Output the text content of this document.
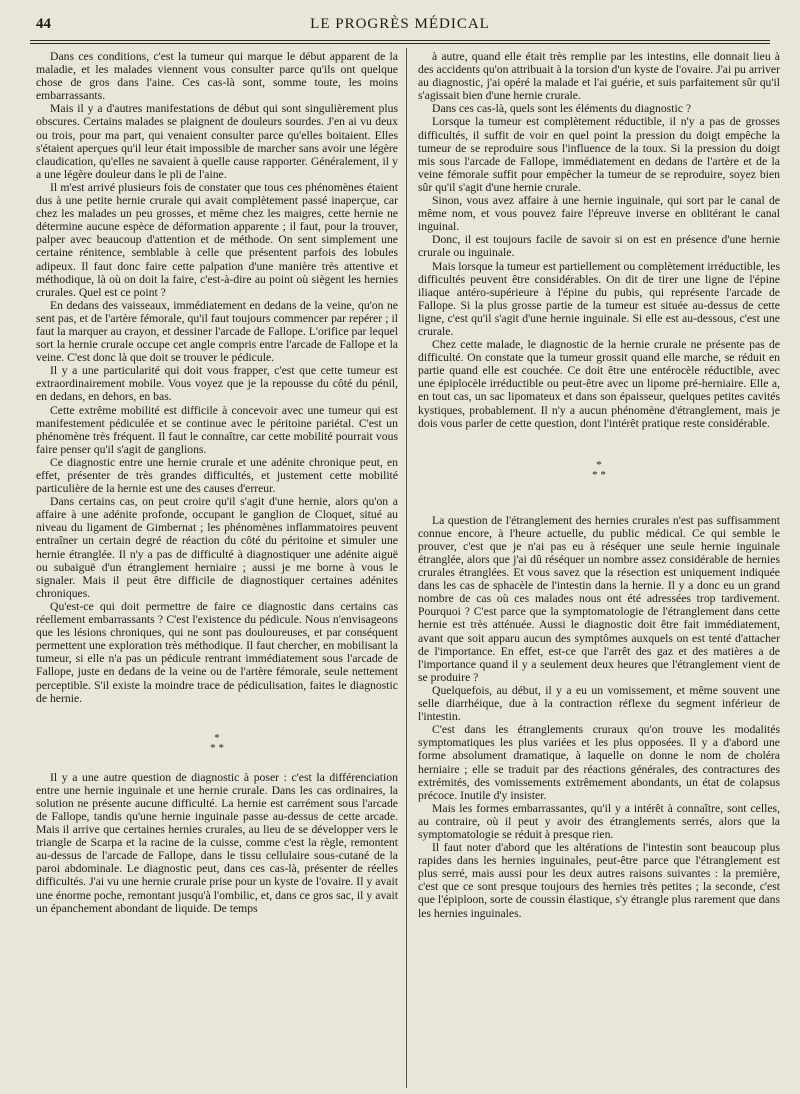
44	LE PROGRÈS MÉDICAL

Dans ces conditions, c'est la tumeur qui marque le début apparent de la maladie, et les malades viennent vous consulter parce qu'ils ont quelque chose de gros dans l'aine. Ces cas-là sont, somme toute, les moins embarrassants.

Mais il y a d'autres manifestations de début qui sont singulièrement plus obscures. Certains malades se plaignent de douleurs sourdes. J'en ai vu deux ou trois, pour ma part, qui venaient consulter parce qu'elles boitaient. Elles s'étaient aperçues qu'il leur était impossible de marcher sans avoir une légère claudication, qu'elles ne savaient à quelle cause rapporter. Généralement, il y a une légère douleur dans le pli de l'aine.

Il m'est arrivé plusieurs fois de constater que tous ces phénomènes étaient dus à une petite hernie crurale qui avait complètement passé inaperçue, car chez les malades un peu grosses, et même chez les maigres, cette hernie ne détermine aucune espèce de déformation apparente ; il faut, pour la trouver, palper avec beaucoup d'attention et de méthode. On sent simplement une certaine rénitence, semblable à celle que présentent parfois des lobules adipeux. Il faut donc faire cette palpation d'une manière très attentive et méthodique, là où on doit la faire, c'est-à-dire au point où siègent les hernies crurales. Quel est ce point ?

En dedans des vaisseaux, immédiatement en dedans de la veine, qu'on ne sent pas, et de l'artère fémorale, qu'il faut toujours commencer par repérer ; il faut la marquer au crayon, et dessiner l'arcade de Fallope. L'orifice par lequel sort la hernie crurale occupe cet angle compris entre l'arcade de Fallope et la veine. C'est donc là que doit se trouver le pédicule.

Il y a une particularité qui doit vous frapper, c'est que cette tumeur est extraordinairement mobile. Vous voyez que je la repousse du côté du pénil, en dedans, en dehors, en bas.

Cette extrême mobilité est difficile à concevoir avec une tumeur qui est manifestement pédiculée et se continue avec le péritoine pariétal. C'est un phénomène très fréquent. Il faut le connaître, car cette mobilité pourrait vous faire penser qu'il s'agit de ganglions.

Ce diagnostic entre une hernie crurale et une adénite chronique peut, en effet, présenter de très grandes difficultés, et justement cette mobilité particulière de la hernie est une des causes d'erreur.

Dans certains cas, on peut croire qu'il s'agit d'une hernie, alors qu'on a affaire à une adénite profonde, occupant le ganglion de Cloquet, situé au niveau du ligament de Gimbernat ; les phénomènes inflammatoires peuvent entraîner un certain degré de réaction du côté du péritoine et simuler une hernie étranglée. Il n'y a pas de difficulté à diagnostiquer une adénite aiguë ou subaiguë d'un étranglement herniaire ; aussi je me borne à vous le signaler. Mais il peut être difficile de diagnostiquer certaines adénites chroniques.

Qu'est-ce qui doit permettre de faire ce diagnostic dans certains cas réellement embarrassants ? C'est l'existence du pédicule. Nous n'envisageons que les lésions chroniques, qui ne sont pas douloureuses, et par conséquent permettent une exploration très méthodique. Il faut chercher, en mobilisant la tumeur, si elle n'a pas un pédicule rentrant immédiatement sous l'arcade de Fallope, juste en dedans de la veine ou de l'artère fémorale, seule nettement perceptible. S'il existe la moindre trace de pédiculisation, faites le diagnostic de hernie.

*
* *

Il y a une autre question de diagnostic à poser : c'est la différenciation entre une hernie inguinale et une hernie crurale. Dans les cas ordinaires, la solution ne présente aucune difficulté. La hernie est carrément sous l'arcade de Fallope, tandis qu'une hernie inguinale passe au-dessus de cette arcade. Mais il arrive que certaines hernies crurales, au lieu de se développer vers le triangle de Scarpa et la racine de la cuisse, comme c'est la règle, remontent au-dessus de l'arcade de Fallope, dans le tissu cellulaire sous-cutané de la paroi abdominale. Le diagnostic peut, dans ces cas-là, présenter de réelles difficultés. J'ai vu une hernie crurale prise pour un kyste de l'ovaire. Il y avait une énorme poche, remontant jusqu'à l'ombilic, et, dans ce gros sac, il y avait un épanchement abondant de liquide. De temps

à autre, quand elle était très remplie par les intestins, elle donnait lieu à des accidents qu'on attribuait à la torsion d'un kyste de l'ovaire. J'ai pu arriver au diagnostic, j'ai opéré la malade et l'ai guérie, et suis parfaitement sûr qu'il s'agissait bien d'une hernie crurale.

Dans ces cas-là, quels sont les éléments du diagnostic ?

Lorsque la tumeur est complètement réductible, il n'y a pas de grosses difficultés, il suffit de voir en quel point la pression du doigt empêche la tumeur de se reproduire sous l'influence de la toux. Si la pression du doigt mis sous l'arcade de Fallope, immédiatement en dedans de l'artère et de la veine fémorale suffit pour empêcher la tumeur de se reproduire, soyez bien sûr qu'il s'agit d'une hernie crurale.

Sinon, vous avez affaire à une hernie inguinale, qui sort par le canal de même nom, et vous pouvez faire l'épreuve inverse en oblitérant le canal inguinal.

Donc, il est toujours facile de savoir si on est en présence d'une hernie crurale ou inguinale.

Mais lorsque la tumeur est partiellement ou complètement irréductible, les difficultés peuvent être considérables. On dit de tirer une ligne de l'épine iliaque antéro-supérieure à l'épine du pubis, qui représente l'arcade de Fallope. Si la plus grosse partie de la tumeur est située au-dessus de cette ligne, c'est qu'il s'agit d'une hernie inguinale. Si elle est au-dessous, c'est une crurale.

Chez cette malade, le diagnostic de la hernie crurale ne présente pas de difficulté. On constate que la tumeur grossit quand elle marche, se réduit en partie quand elle est couchée. Ce doit être une entérocèle réductible, avec une épiplocèle irréductible ou peut-être avec un lipome pré-herniaire. Elle a, en tout cas, un sac lipomateux et dans son épaisseur, quelques petites cavités kystiques, probablement. Il n'y a aucun phénomène d'étranglement, mais je dois vous parler de cette question, dont l'intérêt pratique reste considérable.

*
* *

La question de l'étranglement des hernies crurales n'est pas suffisamment connue encore, à l'heure actuelle, du public médical. Ce qui semble le prouver, c'est que je n'ai pas eu à réséquer une seule hernie inguinale étranglée, alors que j'ai dû réséquer un nombre assez considérable de hernies crurales étranglées. Et vous savez que la résection est uniquement indiquée dans les cas de sphacèle de l'intestin dans la hernie. Il y a donc eu un grand nombre de cas où ces malades nous ont été adressées trop tardivement. Pourquoi ? C'est parce que la symptomatologie de l'étranglement dans cette hernie est très atténuée. Aussi le diagnostic doit être fait immédiatement, avant que soit apparu aucun des symptômes auxquels on est tenté d'attacher de l'importance. En effet, est-ce que l'arrêt des gaz et des matières a de l'importance quand il y a seulement deux heures que l'étranglement vient de se produire ?

Quelquefois, au début, il y a eu un vomissement, et même souvent une selle diarrhéique, due à la contraction réflexe du segment inférieur de l'intestin.

C'est dans les étranglements cruraux qu'on trouve les modalités symptomatiques les plus variées et les plus opposées. Il y a d'abord une forme absolument dramatique, à laquelle on donne le nom de choléra herniaire ; elle se traduit par des réactions générales, des contractures des extrémités, des vomissements extrêmement abondants, un état de colapsus précoce. Inutile d'y insister.

Mais les formes embarrassantes, qu'il y a intérêt à connaître, sont celles, au contraire, où il peut y avoir des étranglements serrés, alors que la symptomatologie se réduit à presque rien.

Il faut noter d'abord que les altérations de l'intestin sont beaucoup plus rapides dans les hernies inguinales, peut-être parce que l'étranglement est plus serré, mais aussi pour les deux autres raisons suivantes : la première, c'est que ce sont presque toujours des hernies très petites ; la seconde, c'est que l'épiploon, sorte de coussin élastique, s'y étrangle plus rarement que dans les hernies inguinales.
